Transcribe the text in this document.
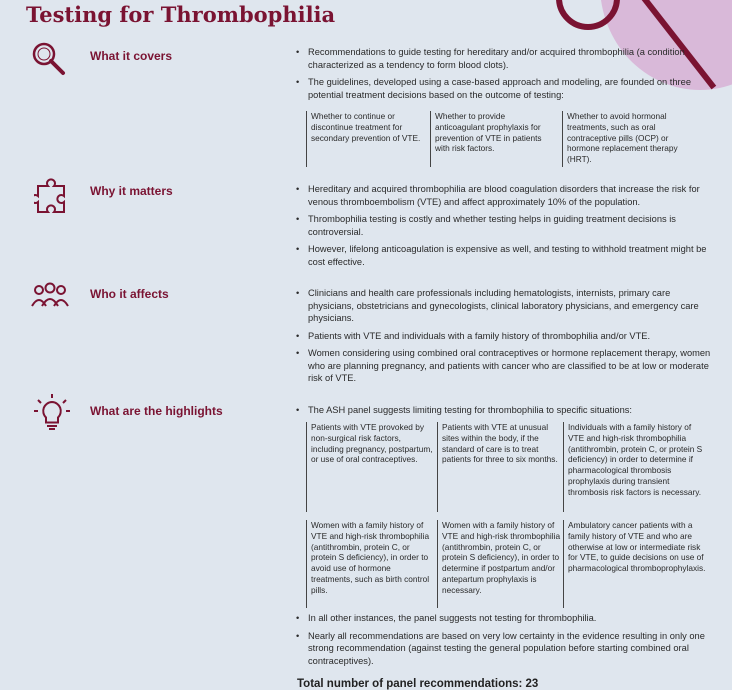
Testing for Thrombophilia
What it covers	• Recommendations to guide testing for hereditary and/or acquired thrombophilia (a condition characterized as a tendency to form blood clots).
• The guidelines, developed using a case-based approach and modeling, are founded on three potential treatment decisions based on the outcome of testing:
Whether to continue or discontinue treatment for secondary prevention of VTE.
Whether to provide anticoagulant prophylaxis for prevention of VTE in patients with risk factors.
Whether to avoid hormonal treatments, such as oral contraceptive pills (OCP) or hormone replacement therapy (HRT).
Why it matters	• Hereditary and acquired thrombophilia are blood coagulation disorders that increase the risk for venous thromboembolism (VTE) and affect approximately 10% of the population.
• Thrombophilia testing is costly and whether testing helps in guiding treatment decisions is controversial.
• However, lifelong anticoagulation is expensive as well, and testing to withhold treatment might be cost effective.
Who it affects	• Clinicians and health care professionals including hematologists, internists, primary care physicians, obstetricians and gynecologists, clinical laboratory physicians, and emergency care physicians.
• Patients with VTE and individuals with a family history of thrombophilia and/or VTE.
• Women considering using combined oral contraceptives or hormone replacement therapy, women who are planning pregnancy, and patients with cancer who are classified to be at low or moderate risk of VTE.
What are the highlights	• The ASH panel suggests limiting testing for thrombophilia to specific situations:
Patients with VTE provoked by non-surgical risk factors, including pregnancy, postpartum, or use of oral contraceptives.
Patients with VTE at unusual sites within the body, if the standard of care is to treat patients for three to six months.
Individuals with a family history of VTE and high-risk thrombophilia (antithrombin, protein C, or protein S deficiency) in order to determine if pharmacological thrombosis prophylaxis during transient thrombosis risk factors is necessary.
Women with a family history of VTE and high-risk thrombophilia (antithrombin, protein C, or protein S deficiency), in order to avoid use of hormone treatments, such as birth control pills.
Women with a family history of VTE and high-risk thrombophilia (antithrombin, protein C, or protein S deficiency), in order to determine if postpartum and/or antepartum prophylaxis is necessary.
Ambulatory cancer patients with a family history of VTE and who are otherwise at low or intermediate risk for VTE, to guide decisions on use of pharmacological thromboprophylaxis.
• In all other instances, the panel suggests not testing for thrombophilia.
• Nearly all recommendations are based on very low certainty in the evidence resulting in only one strong recommendation (against testing the general population before starting combined oral contraceptives).
Total number of panel recommendations: 23
